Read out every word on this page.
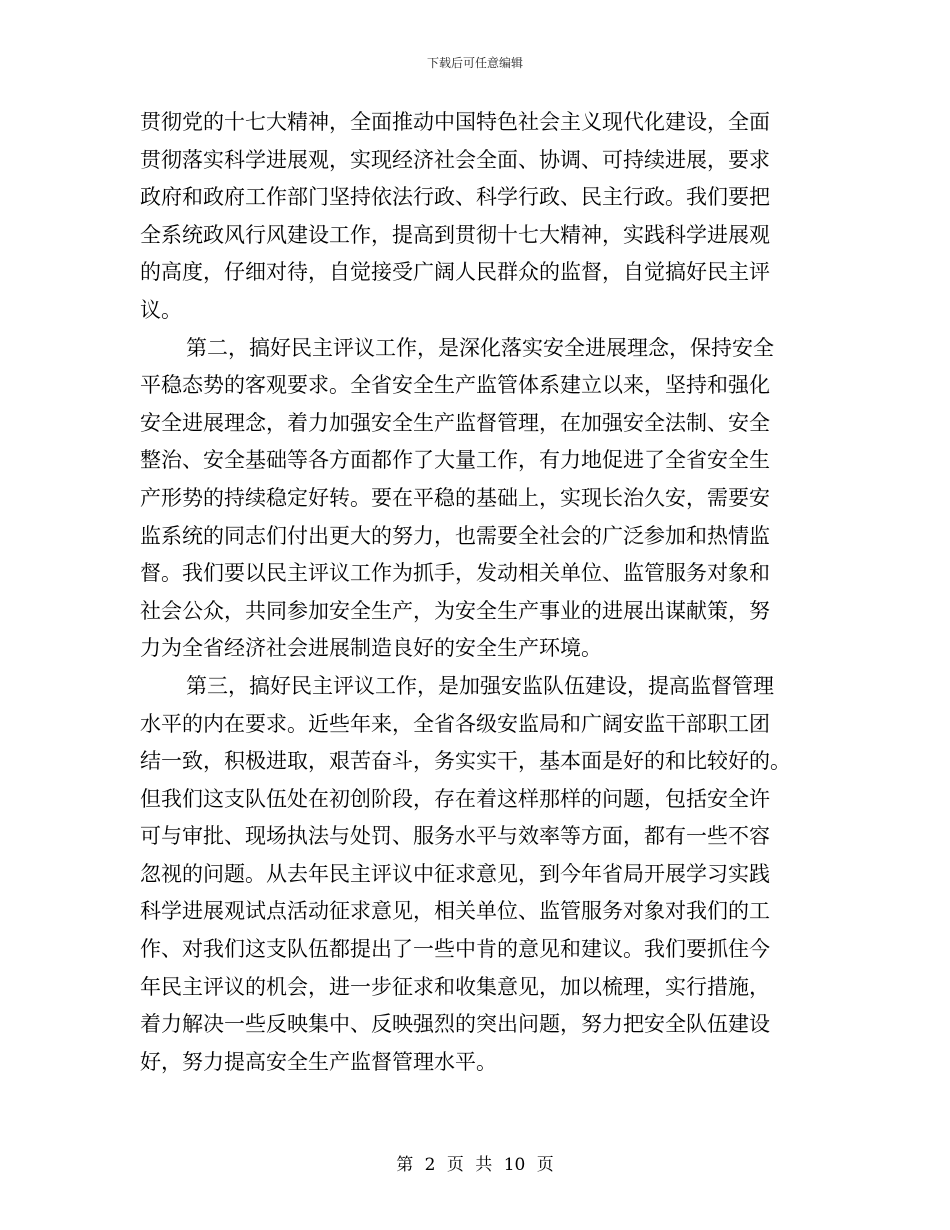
下载后可任意编辑
贯彻党的十七大精神，全面推动中国特色社会主义现代化建设，全面
贯彻落实科学进展观，实现经济社会全面、协调、可持续进展，要求
政府和政府工作部门坚持依法行政、科学行政、民主行政。我们要把
全系统政风行风建设工作，提高到贯彻十七大精神，实践科学进展观
的高度，仔细对待，自觉接受广阔人民群众的监督，自觉搞好民主评
议。
第二，搞好民主评议工作，是深化落实安全进展理念，保持安全
平稳态势的客观要求。全省安全生产监管体系建立以来，坚持和强化
安全进展理念，着力加强安全生产监督管理，在加强安全法制、安全
整治、安全基础等各方面都作了大量工作，有力地促进了全省安全生
产形势的持续稳定好转。要在平稳的基础上，实现长治久安，需要安
监系统的同志们付出更大的努力，也需要全社会的广泛参加和热情监
督。我们要以民主评议工作为抓手，发动相关单位、监管服务对象和
社会公众，共同参加安全生产，为安全生产事业的进展出谋献策，努
力为全省经济社会进展制造良好的安全生产环境。
第三，搞好民主评议工作，是加强安监队伍建设，提高监督管理
水平的内在要求。近些年来，全省各级安监局和广阔安监干部职工团
结一致，积极进取，艰苦奋斗，务实实干，基本面是好的和比较好的。
但我们这支队伍处在初创阶段，存在着这样那样的问题，包括安全许
可与审批、现场执法与处罚、服务水平与效率等方面，都有一些不容
忽视的问题。从去年民主评议中征求意见，到今年省局开展学习实践
科学进展观试点活动征求意见，相关单位、监管服务对象对我们的工
作、对我们这支队伍都提出了一些中肯的意见和建议。我们要抓住今
年民主评议的机会，进一步征求和收集意见，加以梳理，实行措施，
着力解决一些反映集中、反映强烈的突出问题，努力把安全队伍建设
好，努力提高安全生产监督管理水平。
第 2 页 共 10 页
